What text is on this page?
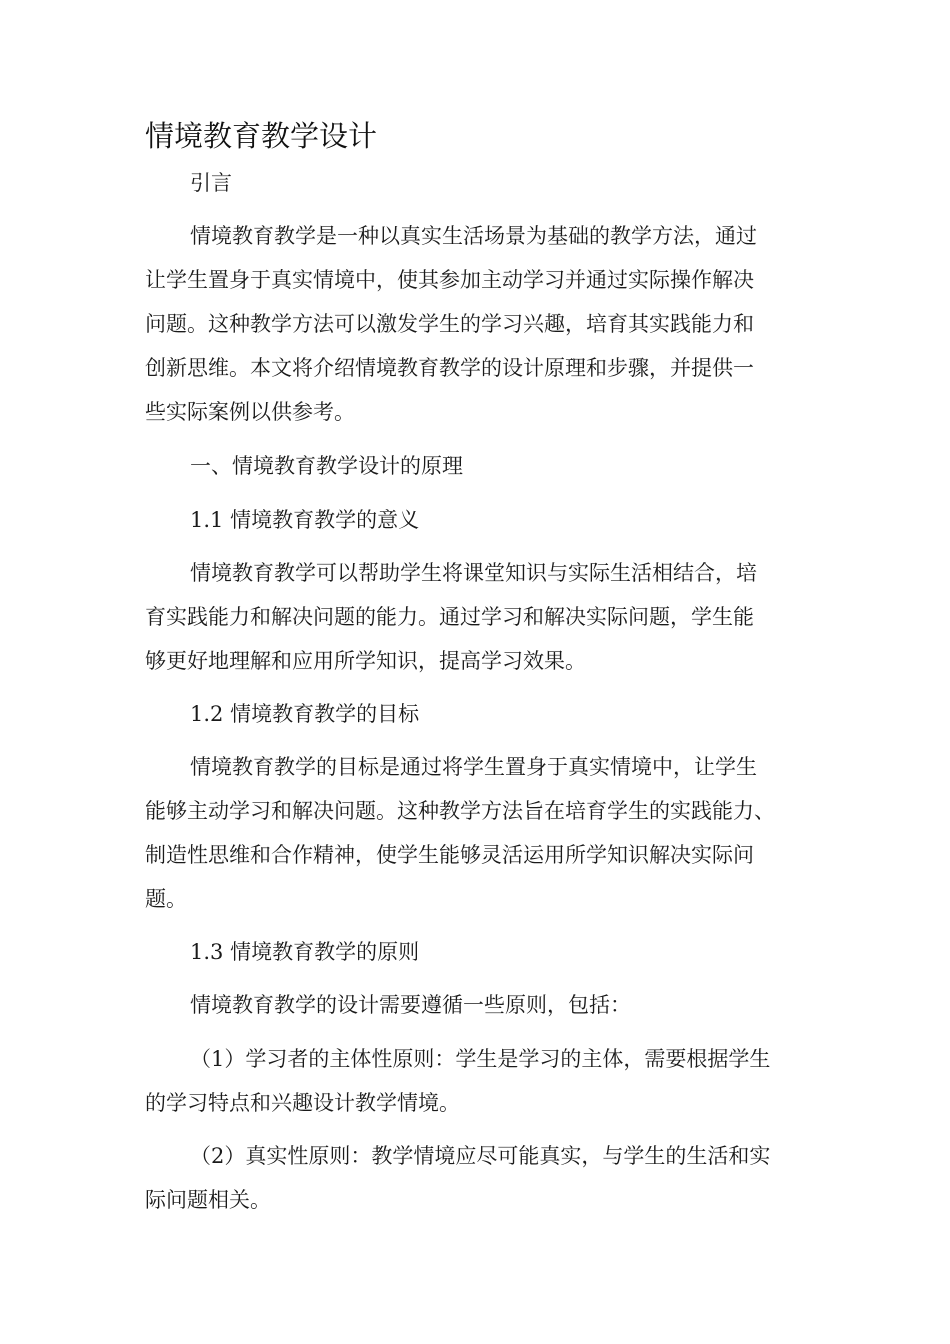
情境教育教学设计
引言
情境教育教学是一种以真实生活场景为基础的教学方法，通过
让学生置身于真实情境中，使其参加主动学习并通过实际操作解决
问题。这种教学方法可以激发学生的学习兴趣，培育其实践能力和
创新思维。本文将介绍情境教育教学的设计原理和步骤，并提供一
些实际案例以供参考。
一、情境教育教学设计的原理
1.1 情境教育教学的意义
情境教育教学可以帮助学生将课堂知识与实际生活相结合，培
育实践能力和解决问题的能力。通过学习和解决实际问题，学生能
够更好地理解和应用所学知识，提高学习效果。
1.2 情境教育教学的目标
情境教育教学的目标是通过将学生置身于真实情境中，让学生
能够主动学习和解决问题。这种教学方法旨在培育学生的实践能力、
制造性思维和合作精神，使学生能够灵活运用所学知识解决实际问
题。
1.3 情境教育教学的原则
情境教育教学的设计需要遵循一些原则，包括：
（1）学习者的主体性原则：学生是学习的主体，需要根据学生
的学习特点和兴趣设计教学情境。
（2）真实性原则：教学情境应尽可能真实，与学生的生活和实
际问题相关。
